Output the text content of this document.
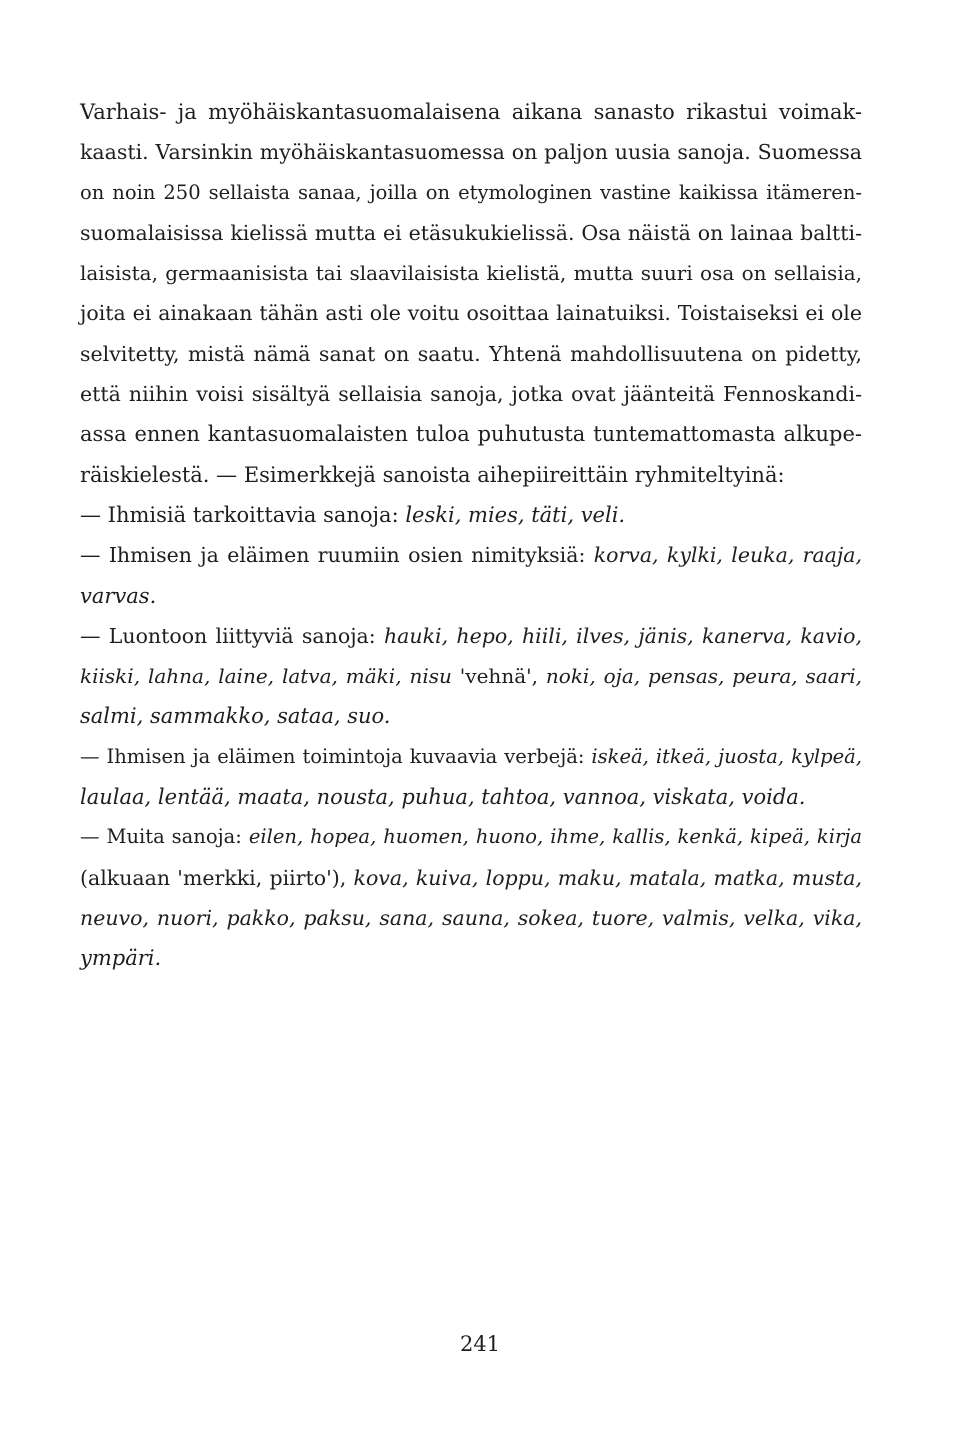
Varhais- ja myöhäiskantasuomalaisena aikana sanasto rikastui voimak-
kaasti. Varsinkin myöhäiskantasuomessa on paljon uusia sanoja. Suomessa
on noin 250 sellaista sanaa, joilla on etymologinen vastine kaikissa itämeren-
suomalaisissa kielissä mutta ei etäsukukielissä. Osa näistä on lainaa baltti-
laisista, germaanisista tai slaavilaisista kielistä, mutta suuri osa on sellaisia,
joita ei ainakaan tähän asti ole voitu osoittaa lainatuiksi. Toistaiseksi ei ole
selvitetty, mistä nämä sanat on saatu. Yhtenä mahdollisuutena on pidetty,
että niihin voisi sisältyä sellaisia sanoja, jotka ovat jäänteitä Fennoskandi-
assa ennen kantasuomalaisten tuloa puhutusta tuntemattomasta alkupe-
räiskielestä. — Esimerkkejä sanoista aihepiireittäin ryhmiteltyinä:
— Ihmisiä tarkoittavia sanoja: leski, mies, täti, veli.
— Ihmisen ja eläimen ruumiin osien nimityksiä: korva, kylki, leuka, raaja,
varvas.
— Luontoon liittyviä sanoja: hauki, hepo, hiili, ilves, jänis, kanerva, kavio,
kiiski, lahna, laine, latva, mäki, nisu 'vehnä', noki, oja, pensas, peura, saari,
salmi, sammakko, sataa, suo.
— Ihmisen ja eläimen toimintoja kuvaavia verbejä: iskeä, itkeä, juosta, kylpeä,
laulaa, lentää, maata, nousta, puhua, tahtoa, vannoa, viskata, voida.
— Muita sanoja: eilen, hopea, huomen, huono, ihme, kallis, kenkä, kipeä, kirja
(alkuaan 'merkki, piirto'), kova, kuiva, loppu, maku, matala, matka, musta,
neuvo, nuori, pakko, paksu, sana, sauna, sokea, tuore, valmis, velka, vika,
ympäri.
241
